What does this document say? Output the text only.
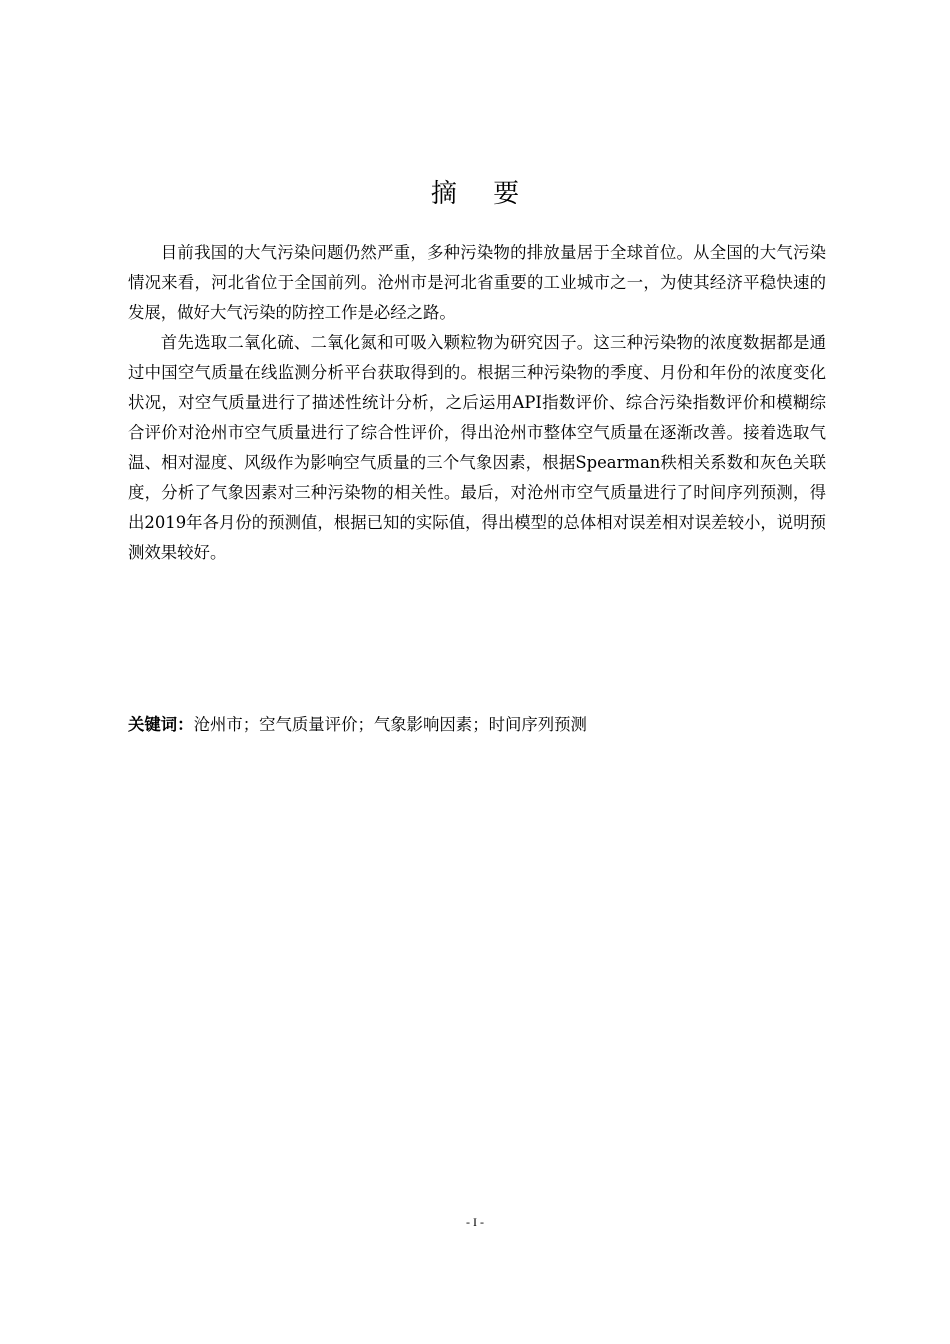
摘 要

目前我国的大气污染问题仍然严重，多种污染物的排放量居于全球首位。从全国的大气污染情况来看，河北省位于全国前列。沧州市是河北省重要的工业城市之一，为使其经济平稳快速的发展，做好大气污染的防控工作是必经之路。

首先选取二氧化硫、二氧化氮和可吸入颗粒物为研究因子。这三种污染物的浓度数据都是通过中国空气质量在线监测分析平台获取得到的。根据三种污染物的季度、月份和年份的浓度变化状况，对空气质量进行了描述性统计分析，之后运用API指数评价、综合污染指数评价和模糊综合评价对沧州市空气质量进行了综合性评价，得出沧州市整体空气质量在逐渐改善。接着选取气温、相对湿度、风级作为影响空气质量的三个气象因素，根据Spearman秩相关系数和灰色关联度，分析了气象因素对三种污染物的相关性。最后，对沧州市空气质量进行了时间序列预测，得出2019年各月份的预测值，根据已知的实际值，得出模型的总体相对误差相对误差较小，说明预测效果较好。

关键词：沧州市；空气质量评价；气象影响因素；时间序列预测
- I -
